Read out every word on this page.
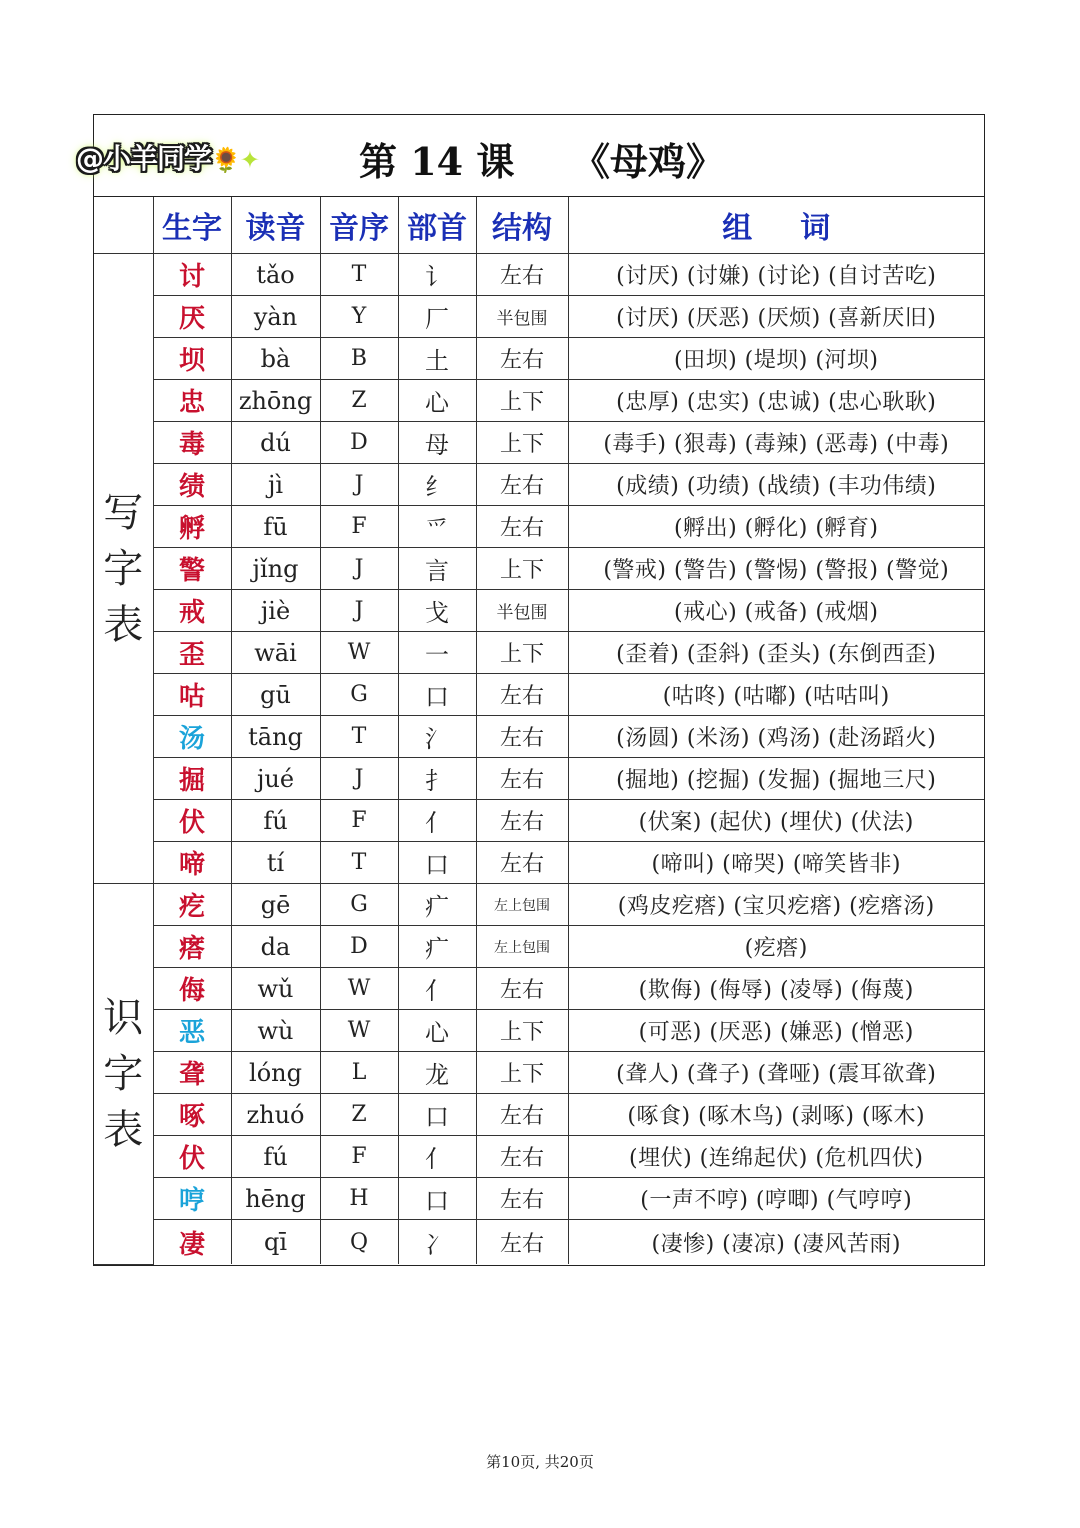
@小羊同学🌻✦	第 14 课 《母鸡》
	生字	读音	音序	部首	结构	组 词

写
字
表	讨	tǎo	T	讠	左右	(讨厌) (讨嫌) (讨论) (自讨苦吃)
	厌	yàn	Y	厂	半包围	(讨厌) (厌恶) (厌烦) (喜新厌旧)
	坝	bà	B	土	左右	(田坝) (堤坝) (河坝)
	忠	zhōng	Z	心	上下	(忠厚) (忠实) (忠诚) (忠心耿耿)
	毒	dú	D	母	上下	(毒手) (狠毒) (毒辣) (恶毒) (中毒)
	绩	jì	J	纟	左右	(成绩) (功绩) (战绩) (丰功伟绩)
	孵	fū	F	爫	左右	(孵出) (孵化) (孵育)
	警	jǐng	J	言	上下	(警戒) (警告) (警惕) (警报) (警觉)
	戒	jiè	J	戈	半包围	(戒心) (戒备) (戒烟)
	歪	wāi	W	一	上下	(歪着) (歪斜) (歪头) (东倒西歪)
	咕	gū	G	口	左右	(咕咚) (咕嘟) (咕咕叫)
	汤	tāng	T	氵	左右	(汤圆) (米汤) (鸡汤) (赴汤蹈火)
	掘	jué	J	扌	左右	(掘地) (挖掘) (发掘) (掘地三尺)
	伏	fú	F	亻	左右	(伏案) (起伏) (埋伏) (伏法)
	啼	tí	T	口	左右	(啼叫) (啼哭) (啼笑皆非)

识
字
表	疙	gē	G	疒	左上包围	(鸡皮疙瘩) (宝贝疙瘩) (疙瘩汤)
	瘩	da	D	疒	左上包围	(疙瘩)
	侮	wǔ	W	亻	左右	(欺侮) (侮辱) (凌辱) (侮蔑)
	恶	wù	W	心	上下	(可恶) (厌恶) (嫌恶) (憎恶)
	聋	lóng	L	龙	上下	(聋人) (聋子) (聋哑) (震耳欲聋)
	啄	zhuó	Z	口	左右	(啄食) (啄木鸟) (剥啄) (啄木)
	伏	fú	F	亻	左右	(埋伏) (连绵起伏) (危机四伏)
	哼	hēng	H	口	左右	(一声不哼) (哼唧) (气哼哼)
	凄	qī	Q	冫	左右	(凄惨) (凄凉) (凄风苦雨)
第10页, 共20页
